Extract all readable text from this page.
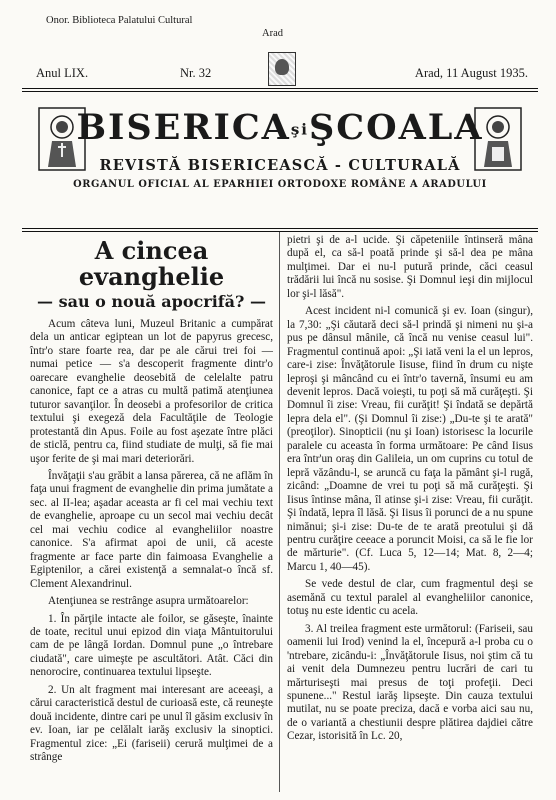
Onor. Biblioteca Palatului Cultural
Arad
Anul LIX.	Nr. 32	Arad, 11 August 1935.
BISERICAşiŞCOALA
REVISTĂ BISERICEASCĂ - CULTURALĂ
ORGANUL OFICIAL AL EPARHIEI ORTODOXE ROMÂNE A ARADULUI
A cincea evanghelie
— sau o nouă apocrifă? —

Acum câteva luni, Muzeul Britanic a cumpărat dela un anticar egiptean un lot de papyrus grecesc, într'o stare foarte rea, dar pe ale cărui trei foi — numai petice — s'a descoperit fragmente dintr'o oarecare evanghelie deosebită de celelalte patru canonice, fapt ce a atras cu multă patimă atenţiunea tuturor savanţilor. În deosebi a profesorilor de critica textului şi exegeză dela Facultăţile de Teologie protestantă din Apus. Foile au fost aşezate între plăci de sticlă, pentru ca, fiind studiate de mulţi, să fie mai uşor ferite de şi mai mari deteriorări.

Învăţaţii s'au grăbit a lansa părerea, că ne aflăm în faţa unui fragment de evanghelie din prima jumătate a sec. al II-lea; aşadar aceasta ar fi cel mai vechiu text de evanghelie, aproape cu un secol mai vechiu decât cel mai vechiu codice al evangheliilor noastre canonice. S'a afirmat apoi de unii, că aceste fragmente ar face parte din faimoasa Evanghelie a Egiptenilor, a cărei existenţă a semnalat-o încă sf. Clement Alexandrinul.

Atenţiunea se restrânge asupra următoarelor:

1. În părţile intacte ale foilor, se găseşte, înainte de toate, recitul unui epizod din viaţa Mântuitorului cam de pe lângă Iordan. Domnul pune „o întrebare ciudată", care uimeşte pe ascultători. Atât. Căci din nenorocire, continuarea textului lipseşte.

2. Un alt fragment mai interesant are aceeaşi, a cărui caracteristică destul de curioasă este, că reuneşte două incidente, dintre cari pe unul îl găsim exclusiv în ev. Ioan, iar pe celălalt iarăş exclusiv la sinoptici. Fragmentul zice: „Ei (fariseii) cerură mulţimei de a strânge

pietri şi de a-l ucide. Şi căpeteniile întinseră mâna după el, ca să-l poată prinde şi să-l dea pe mâna mulţimei. Dar ei nu-l putură prinde, căci ceasul trădării lui încă nu sosise. Şi Domnul ieşi din mijlocul lor şi-l lăsă".

Acest incident ni-l comunică şi ev. Ioan (singur), la 7,30: „Şi căutară deci să-l prindă şi nimeni nu şi-a pus pe dânsul mânile, că încă nu venise ceasul lui". Fragmentul continuă apoi: „Şi iată veni la el un lepros, care-i zise: Învăţătorule Iisuse, fiind în drum cu nişte leproşi şi mâncând cu ei într'o tavernă, însumi eu am devenit lepros. Dacă voieşti, tu poţi să mă curăţeşti. Şi Domnul îi zise: Vreau, fii curăţit! Şi îndată se depărtă lepra dela el". (Şi Domnul îi zise:) „Du-te şi te arată" (preoţilor). Sinopticii (nu şi Ioan) istorisesc la locurile paralele cu aceasta în forma următoare: Pe când Iisus era într'un oraş din Galileia, un om cuprins cu totul de lepră văzându-l, se aruncă cu faţa la pământ şi-l rugă, zicând: „Doamne de vrei tu poţi să mă curăţeşti. Şi Iisus întinse mâna, îl atinse şi-i zise: Vreau, fii curăţit. Şi îndată, lepra îl lăsă. Şi Iisus îi porunci de a nu spune nimănui; şi-i zise: Du-te de te arată preotului şi dă pentru curăţire ceeace a poruncit Moisi, ca să le fie lor de mărturie". (Cf. Luca 5, 12—14; Mat. 8, 2—4; Marcu 1, 40—45).

Se vede destul de clar, cum fragmentul deşi se asemănă cu textul paralel al evangheliilor canonice, totuş nu este identic cu acela.

3. Al treilea fragment este următorul: (Fariseii, sau oamenii lui Irod) venind la el, începură a-l proba cu o 'ntrebare, zicându-i: „Învăţătorule Iisus, noi ştim că tu ai venit dela Dumnezeu pentru lucrări de cari tu mărturiseşti mai presus de toţi profeţii. Deci spunene..." Restul iarăş lipseşte. Din cauza textului mutilat, nu se poate preciza, dacă e vorba aici sau nu, de o variantă a chestiunii despre plătirea dajdiei către Cezar, istorisită în Lc. 20,
